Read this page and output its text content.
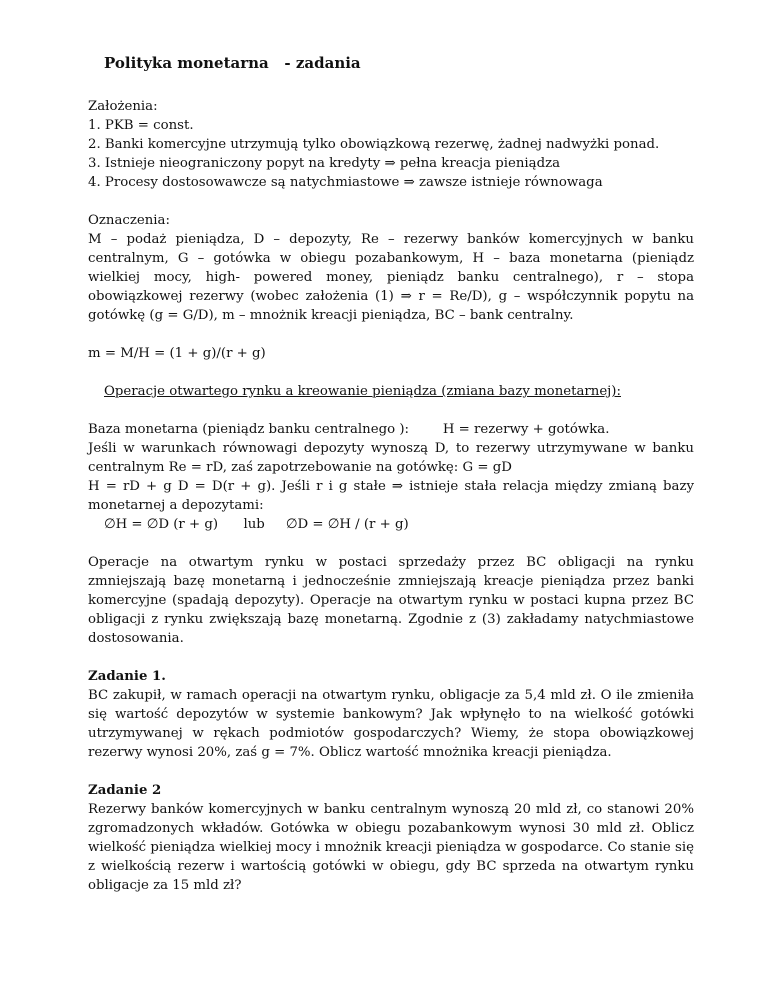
Polityka monetarna   - zadania
Założenia:
1. PKB = const.
2. Banki komercyjne utrzymują tylko obowiązkową rezerwę, żadnej nadwyżki ponad.
3. Istnieje nieograniczony popyt na kredyty ⇒ pełna kreacja pieniądza
4. Procesy dostosowawcze są natychmiastowe ⇒ zawsze istnieje równowaga
Oznaczenia:
M – podaż pieniądza, D – depozyty, Re – rezerwy banków komercyjnych w banku centralnym, G – gotówka w obiegu pozabankowym, H – baza monetarna (pieniądz wielkiej mocy, high- powered money, pieniądz banku centralnego), r – stopa obowiązkowej rezerwy (wobec założenia (1) ⇒ r = Re/D), g – współczynnik popytu na gotówkę (g = G/D), m – mnożnik kreacji pieniądza, BC – bank centralny.
m = M/H = (1 + g)/(r + g)
Operacje otwartego rynku a kreowanie pieniądza (zmiana bazy monetarnej):
Baza monetarna (pieniądz banku centralnego ):        H = rezerwy + gotówka.
Jeśli w warunkach równowagi depozyty wynoszą D, to rezerwy utrzymywane w banku centralnym Re = rD, zaś zapotrzebowanie na gotówkę: G = gD
H = rD + g D = D(r + g). Jeśli r i g stałe ⇒ istnieje stała relacja między zmianą bazy monetarnej a depozytami:
∅H = ∅D (r + g)      lub     ∅D = ∅H / (r + g)
Operacje na otwartym rynku w postaci sprzedaży przez BC obligacji na rynku zmniejszają bazę monetarną i jednocześnie zmniejszają kreacje pieniądza przez banki komercyjne (spadają depozyty). Operacje na otwartym rynku w postaci kupna przez BC obligacji z rynku zwiększają bazę monetarną. Zgodnie z (3) zakładamy natychmiastowe dostosowania.
Zadanie 1.
BC zakupił, w ramach operacji na otwartym rynku, obligacje za 5,4 mld zł. O ile zmieniła się wartość depozytów w systemie bankowym? Jak wpłynęło to na wielkość gotówki utrzymywanej w rękach podmiotów gospodarczych? Wiemy, że stopa obowiązkowej rezerwy wynosi 20%, zaś g = 7%. Oblicz wartość mnożnika kreacji pieniądza.
Zadanie 2
Rezerwy banków komercyjnych w banku centralnym wynoszą 20 mld zł, co stanowi 20% zgromadzonych wkładów. Gotówka w obiegu pozabankowym wynosi 30 mld zł. Oblicz wielkość pieniądza wielkiej mocy i mnożnik kreacji pieniądza w gospodarce. Co stanie się z wielkością rezerw i wartością gotówki w obiegu, gdy BC sprzeda na otwartym rynku obligacje za 15 mld zł?
